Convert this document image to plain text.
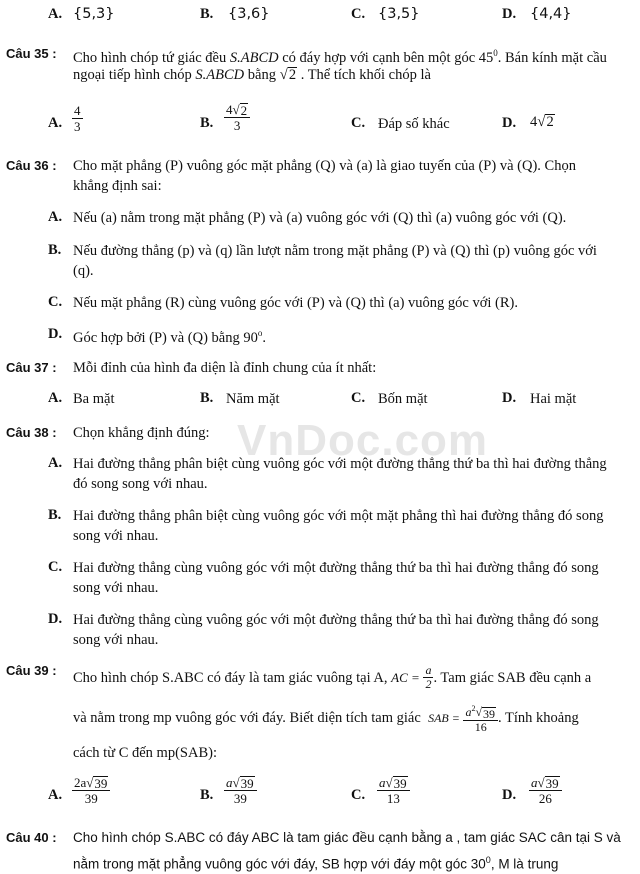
A. {5,3}	B. {3,6}	C. {3,5}	D. {4,4}
Câu 35 : Cho hình chóp tứ giác đều S.ABCD có đáy hợp với cạnh bên một góc $45^0$. Bán kính mặt cầu
ngoại tiếp hình chóp S.ABCD bằng √ 2 . Thể tích khối chóp là
A. $\frac{4}{3}$	B. $\frac{4 √ 2}{3}$	C. Đáp số khác	D. 4 √ 2
Câu 36 : Cho mặt phẳng (P) vuông góc mặt phẳng (Q) và (a) là giao tuyến của (P) và (Q). Chọn
khẳng định sai:
A. Nếu (a) nằm trong mặt phẳng (P) và (a) vuông góc với (Q) thì (a) vuông góc với (Q).
B. Nếu đường thẳng (p) và (q) lần lượt nằm trong mặt phẳng (P) và (Q) thì (p) vuông góc với
(q).
C. Nếu mặt phẳng (R) cùng vuông góc với (P) và (Q) thì (a) vuông góc với (R).
D. Góc hợp bởi (P) và (Q) bằng 90$^o$.
Câu 37 : Mỗi đỉnh của hình đa diện là đỉnh chung của ít nhất:
A. Ba mặt	B. Năm mặt	C. Bốn mặt	D. Hai mặt
VnDoc.com
Câu 38 : Chọn khẳng định đúng:
A. Hai đường thẳng phân biệt cùng vuông góc với một đường thẳng thứ ba thì hai đường thẳng
đó song song với nhau.
B. Hai đường thẳng phân biệt cùng vuông góc với một mặt phẳng thì hai đường thẳng đó song
song với nhau.
C. Hai đường thẳng cùng vuông góc với một đường thẳng thứ ba thì hai đường thẳng đó song
song với nhau.
D. Hai đường thẳng cùng vuông góc với một đường thẳng thứ ba thì hai đường thẳng đó song
song với nhau.
Câu 39 : Cho hình chóp S.ABC có đáy là tam giác vuông tại A,
AC =
$\frac{a}{2}$ . Tam giác SAB đều cạnh a
và nằm trong mp vuông góc với đáy. Biết diện tích tam giác
SAB =
$\frac{a^2 √ 39}{16}$ . Tính khoảng
cách từ C đến mp(SAB):
A. $\frac{2a √ 39}{39}$	B. $\frac{a √ 39}{39}$	C. $\frac{a √ 39}{13}$	D. $\frac{a √ 39}{26}$
Câu 40 : Cho hình chóp S.ABC có đáy ABC là tam giác đều cạnh bằng a , tam giác SAC cân tại S và
nằm trong mặt phẳng vuông góc với đáy, SB hợp với đáy một góc $30^0$, M là trung
